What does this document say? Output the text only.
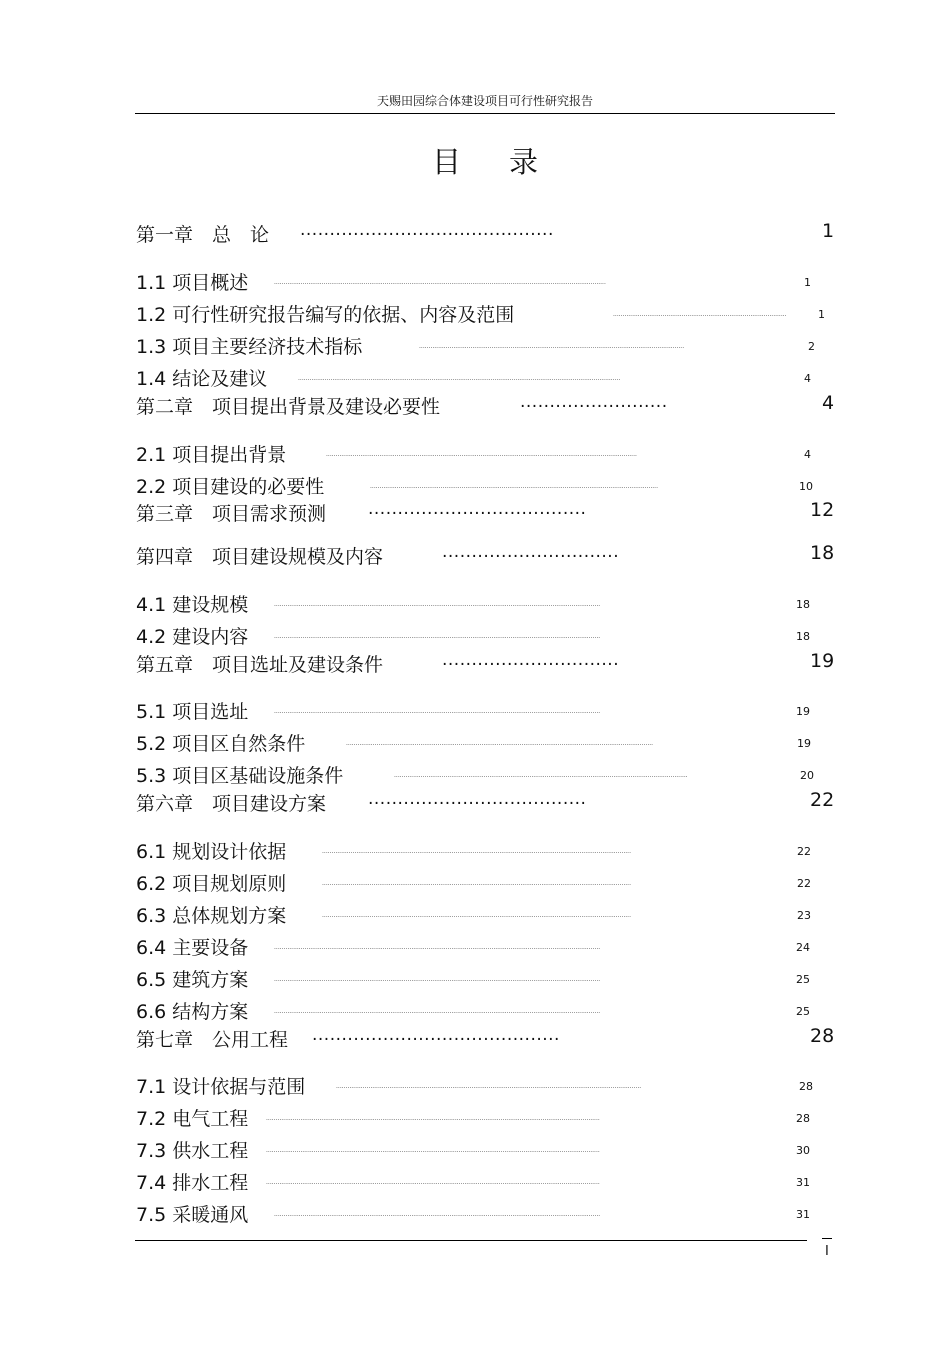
天赐田园综合体建设项目可行性研究报告
目录
第一章　总　论 ...........................................	1
1.1 项目概述	..............................................................................................................................................................................	1
1.2 可行性研究报告编写的依据、内容及范围	...........................................................................................	1
1.3 项目主要经济技术指标	...........................................................................................................................................	2
1.4 结论及建议	.........................................................................................................................................................................	4
第二章　项目提出背景及建设必要性	.........................	4
2.1 项目提出背景	...................................................................................................................................................................	4
2.2 项目建设的必要性	.......................................................................................................................................................	10
第三章　项目需求预测 .....................................	12
第四章　项目建设规模及内容	..............................	18
4.1 建设规模	...........................................................................................................................................................................	18
4.2 建设内容	...........................................................................................................................................................................	18
第五章　项目选址及建设条件	..............................	19
5.1 项目选址	...........................................................................................................................................................................	19
5.2 项目区自然条件	.................................................................................................................................................................	19
5.3 项目区基础设施条件	..........................................................................................................................................................	20
第六章　项目建设方案 .....................................	22
6.1 规划设计依据	..................................................................................................................................................................	22
6.2 项目规划原则	..................................................................................................................................................................	22
6.3 总体规划方案	..................................................................................................................................................................	23
6.4 主要设备	...........................................................................................................................................................................	24
6.5 建筑方案	...........................................................................................................................................................................	25
6.6 结构方案	...........................................................................................................................................................................	25
第七章　公用工程 ..........................................	28
7.1 设计依据与范围	................................................................................................................................................................	28
7.2 电气工程	...............................................................................................................................................................................	28
7.3 供水工程	...............................................................................................................................................................................	30
7.4 排水工程	...............................................................................................................................................................................	31
7.5 采暖通风	...........................................................................................................................................................................	31
I
